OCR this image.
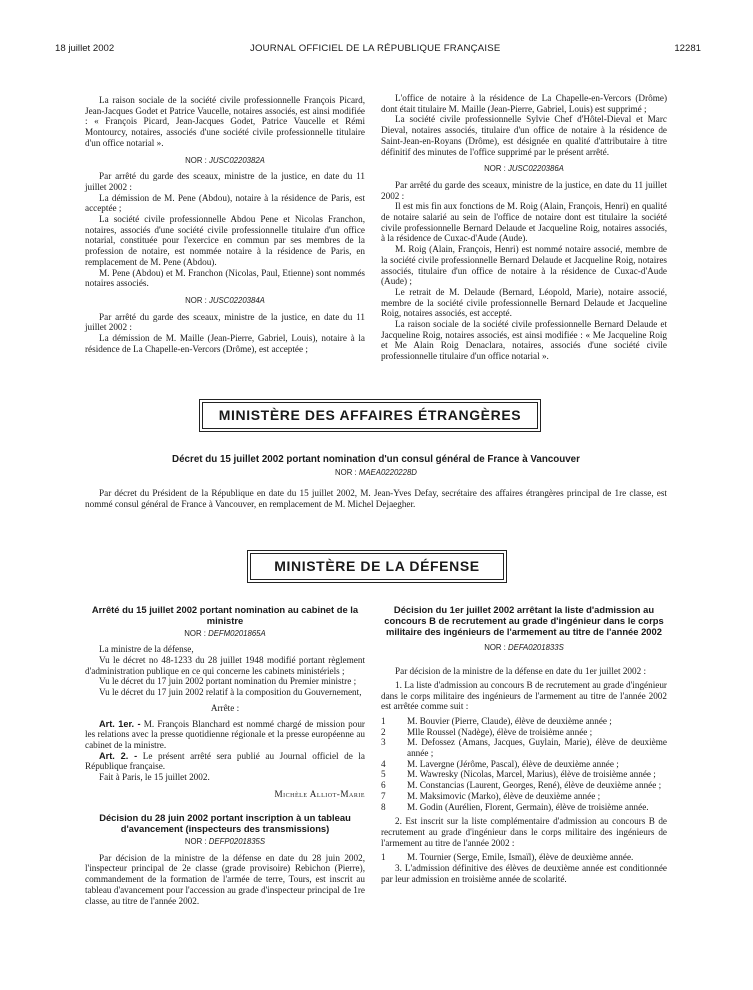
18 juillet 2002	JOURNAL OFFICIEL DE LA RÉPUBLIQUE FRANÇAISE	12281

La raison sociale de la société civile professionnelle François Picard, Jean-Jacques Godet et Patrice Vaucelle, notaires associés, est ainsi modifiée : « François Picard, Jean-Jacques Godet, Patrice Vaucelle et Rémi Montourcy, notaires, associés d'une société civile professionnelle titulaire d'un office notarial ».

NOR : JUSC0220382A

Par arrêté du garde des sceaux, ministre de la justice, en date du 11 juillet 2002 :

La démission de M. Pene (Abdou), notaire à la résidence de Paris, est acceptée ;

La société civile professionnelle Abdou Pene et Nicolas Franchon, notaires, associés d'une société civile professionnelle titulaire d'un office notarial, constituée pour l'exercice en commun par ses membres de la profession de notaire, est nommée notaire à la résidence de Paris, en remplacement de M. Pene (Abdou).

M. Pene (Abdou) et M. Franchon (Nicolas, Paul, Etienne) sont nommés notaires associés.

NOR : JUSC0220384A

Par arrêté du garde des sceaux, ministre de la justice, en date du 11 juillet 2002 :

La démission de M. Maille (Jean-Pierre, Gabriel, Louis), notaire à la résidence de La Chapelle-en-Vercors (Drôme), est acceptée ;

L'office de notaire à la résidence de La Chapelle-en-Vercors (Drôme) dont était titulaire M. Maille (Jean-Pierre, Gabriel, Louis) est supprimé ;

La société civile professionnelle Sylvie Chef d'Hôtel-Dieval et Marc Dieval, notaires associés, titulaire d'un office de notaire à la résidence de Saint-Jean-en-Royans (Drôme), est désignée en qualité d'attributaire à titre définitif des minutes de l'office supprimé par le présent arrêté.

NOR : JUSC0220386A

Par arrêté du garde des sceaux, ministre de la justice, en date du 11 juillet 2002 :

Il est mis fin aux fonctions de M. Roig (Alain, François, Henri) en qualité de notaire salarié au sein de l'office de notaire dont est titulaire la société civile professionnelle Bernard Delaude et Jacqueline Roig, notaires associés, à la résidence de Cuxac-d'Aude (Aude).

M. Roig (Alain, François, Henri) est nommé notaire associé, membre de la société civile professionnelle Bernard Delaude et Jacqueline Roig, notaires associés, titulaire d'un office de notaire à la résidence de Cuxac-d'Aude (Aude) ;

Le retrait de M. Delaude (Bernard, Léopold, Marie), notaire associé, membre de la société civile professionnelle Bernard Delaude et Jacqueline Roig, notaires associés, est accepté.

La raison sociale de la société civile professionnelle Bernard Delaude et Jacqueline Roig, notaires associés, est ainsi modifiée : « Me Jacqueline Roig et Me Alain Roig Denaclara, notaires, associés d'une société civile professionnelle titulaire d'un office notarial ».

MINISTÈRE DES AFFAIRES ÉTRANGÈRES
Décret du 15 juillet 2002 portant nomination d'un consul général de France à Vancouver
NOR : MAEA0220228D

Par décret du Président de la République en date du 15 juillet 2002, M. Jean-Yves Defay, secrétaire des affaires étrangères principal de 1re classe, est nommé consul général de France à Vancouver, en remplacement de M. Michel Dejaegher.

MINISTÈRE DE LA DÉFENSE
Arrêté du 15 juillet 2002 portant nomination au cabinet de la ministre
NOR : DEFM0201865A

La ministre de la défense,

Vu le décret no 48-1233 du 28 juillet 1948 modifié portant règlement d'administration publique en ce qui concerne les cabinets ministériels ;

Vu le décret du 17 juin 2002 portant nomination du Premier ministre ;

Vu le décret du 17 juin 2002 relatif à la composition du Gouvernement,

Arrête :

Art. 1er. - M. François Blanchard est nommé chargé de mission pour les relations avec la presse quotidienne régionale et la presse européenne au cabinet de la ministre.

Art. 2. - Le présent arrêté sera publié au Journal officiel de la République française.

Fait à Paris, le 15 juillet 2002.

Michèle Alliot-Marie
Décision du 28 juin 2002 portant inscription à un tableau d'avancement (inspecteurs des transmissions)
NOR : DEFP0201835S

Par décision de la ministre de la défense en date du 28 juin 2002, l'inspecteur principal de 2e classe (grade provisoire) Rebichon (Pierre), commandement de la formation de l'armée de terre, Tours, est inscrit au tableau d'avancement pour l'accession au grade d'inspecteur principal de 1re classe, au titre de l'année 2002.

Décision du 1er juillet 2002 arrêtant la liste d'admission au concours B de recrutement au grade d'ingénieur dans le corps militaire des ingénieurs de l'armement au titre de l'année 2002
NOR : DEFA0201833S

Par décision de la ministre de la défense en date du 1er juillet 2002 :

1. La liste d'admission au concours B de recrutement au grade d'ingénieur dans le corps militaire des ingénieurs de l'armement au titre de l'année 2002 est arrêtée comme suit :

1 M. Bouvier (Pierre, Claude), élève de deuxième année ;

2 Mlle Roussel (Nadège), élève de troisième année ;

3 M. Defossez (Amans, Jacques, Guylain, Marie), élève de deuxième année ;

4 M. Lavergne (Jérôme, Pascal), élève de deuxième année ;

5 M. Wawresky (Nicolas, Marcel, Marius), élève de troisième année ;

6 M. Constancias (Laurent, Georges, René), élève de deuxième année ;

7 M. Maksimovic (Marko), élève de deuxième année ;

8 M. Godin (Aurélien, Florent, Germain), élève de troisième année.

2. Est inscrit sur la liste complémentaire d'admission au concours B de recrutement au grade d'ingénieur dans le corps militaire des ingénieurs de l'armement au titre de l'année 2002 :

1 M. Tournier (Serge, Emile, Ismaïl), élève de deuxième année.

3. L'admission définitive des élèves de deuxième année est conditionnée par leur admission en troisième année de scolarité.
